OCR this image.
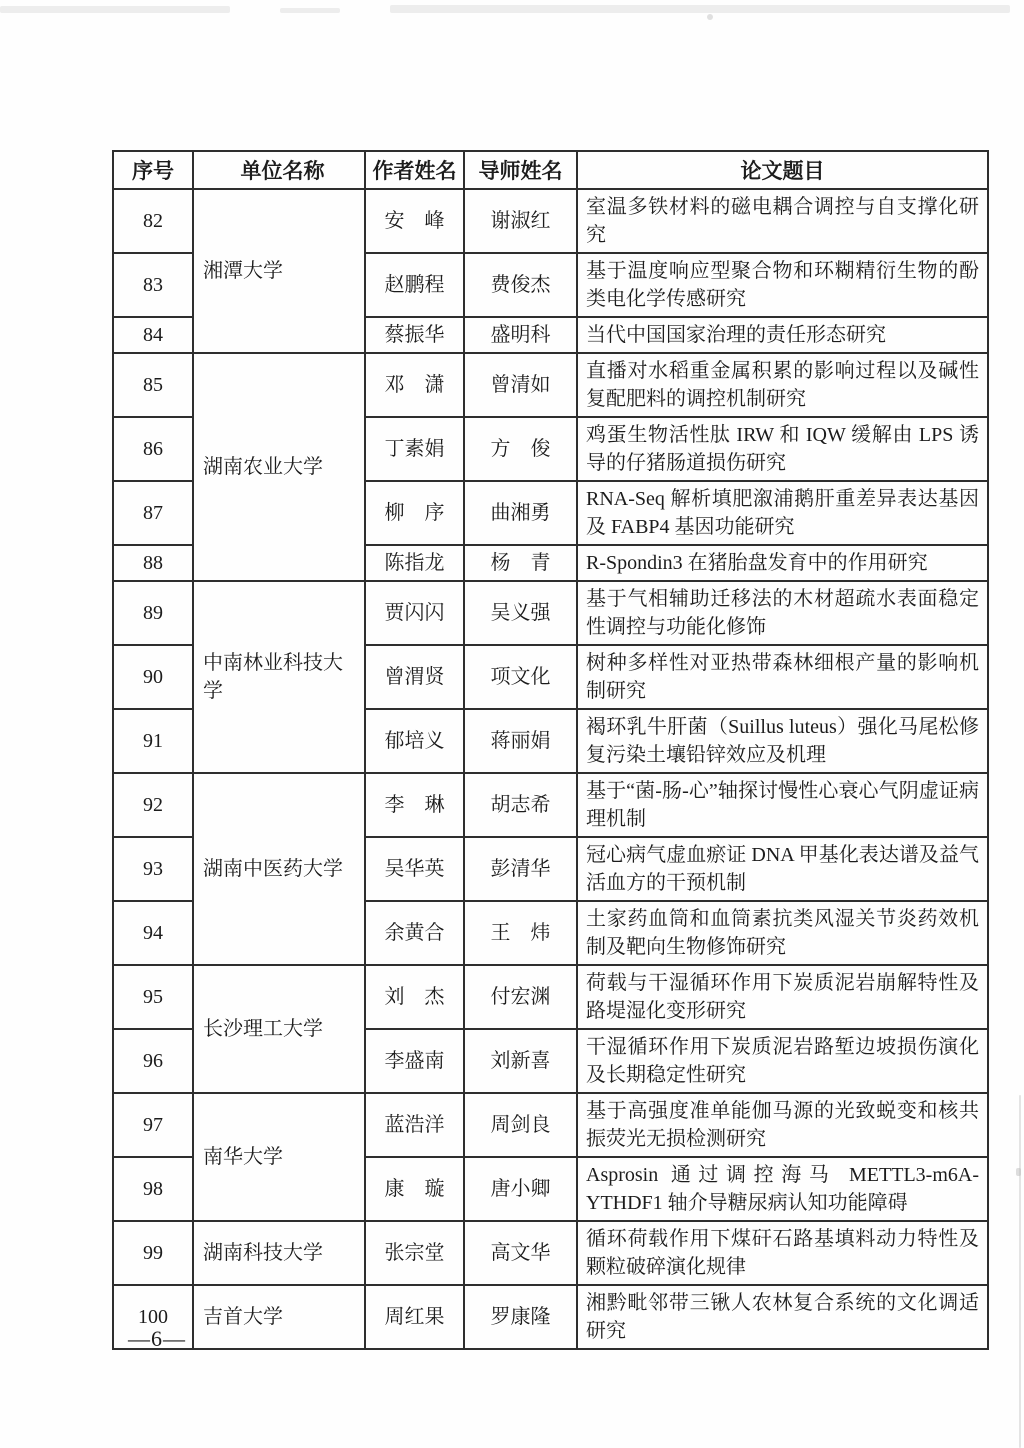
序号	单位名称	作者姓名	导师姓名	论文题目
82	湘潭大学	安　峰	谢淑红	室温多铁材料的磁电耦合调控与自支撑化研究
83		赵鹏程	费俊杰	基于温度响应型聚合物和环糊精衍生物的酚类电化学传感研究
84		蔡振华	盛明科	当代中国国家治理的责任形态研究
85	湖南农业大学	邓　潇	曾清如	直播对水稻重金属积累的影响过程以及碱性复配肥料的调控机制研究
86		丁素娟	方　俊	鸡蛋生物活性肽 IRW 和 IQW 缓解由 LPS 诱导的仔猪肠道损伤研究
87		柳　序	曲湘勇	RNA-Seq 解析填肥溆浦鹅肝重差异表达基因及 FABP4 基因功能研究
88		陈指龙	杨　青	R-Spondin3 在猪胎盘发育中的作用研究
89	中南林业科技大学	贾闪闪	吴义强	基于气相辅助迁移法的木材超疏水表面稳定性调控与功能化修饰
90		曾渭贤	项文化	树种多样性对亚热带森林细根产量的影响机制研究
91		郁培义	蒋丽娟	褐环乳牛肝菌（Suillus luteus）强化马尾松修复污染土壤铅锌效应及机理
92	湖南中医药大学	李　琳	胡志希	基于“菌-肠-心”轴探讨慢性心衰心气阴虚证病理机制
93		吴华英	彭清华	冠心病气虚血瘀证 DNA 甲基化表达谱及益气活血方的干预机制
94		余黄合	王　炜	土家药血筒和血筒素抗类风湿关节炎药效机制及靶向生物修饰研究
95	长沙理工大学	刘　杰	付宏渊	荷载与干湿循环作用下炭质泥岩崩解特性及路堤湿化变形研究
96		李盛南	刘新喜	干湿循环作用下炭质泥岩路堑边坡损伤演化及长期稳定性研究
97	南华大学	蓝浩洋	周剑良	基于高强度准单能伽马源的光致蜕变和核共振荧光无损检测研究
98		康　璇	唐小卿	Asprosin 通过调控海马 METTL3-m6A-YTHDF1 轴介导糖尿病认知功能障碍
99	湖南科技大学	张宗堂	高文华	循环荷载作用下煤矸石路基填料动力特性及颗粒破碎演化规律
100	吉首大学	周红果	罗康隆	湘黔毗邻带三锹人农林复合系统的文化调适研究
—6—
